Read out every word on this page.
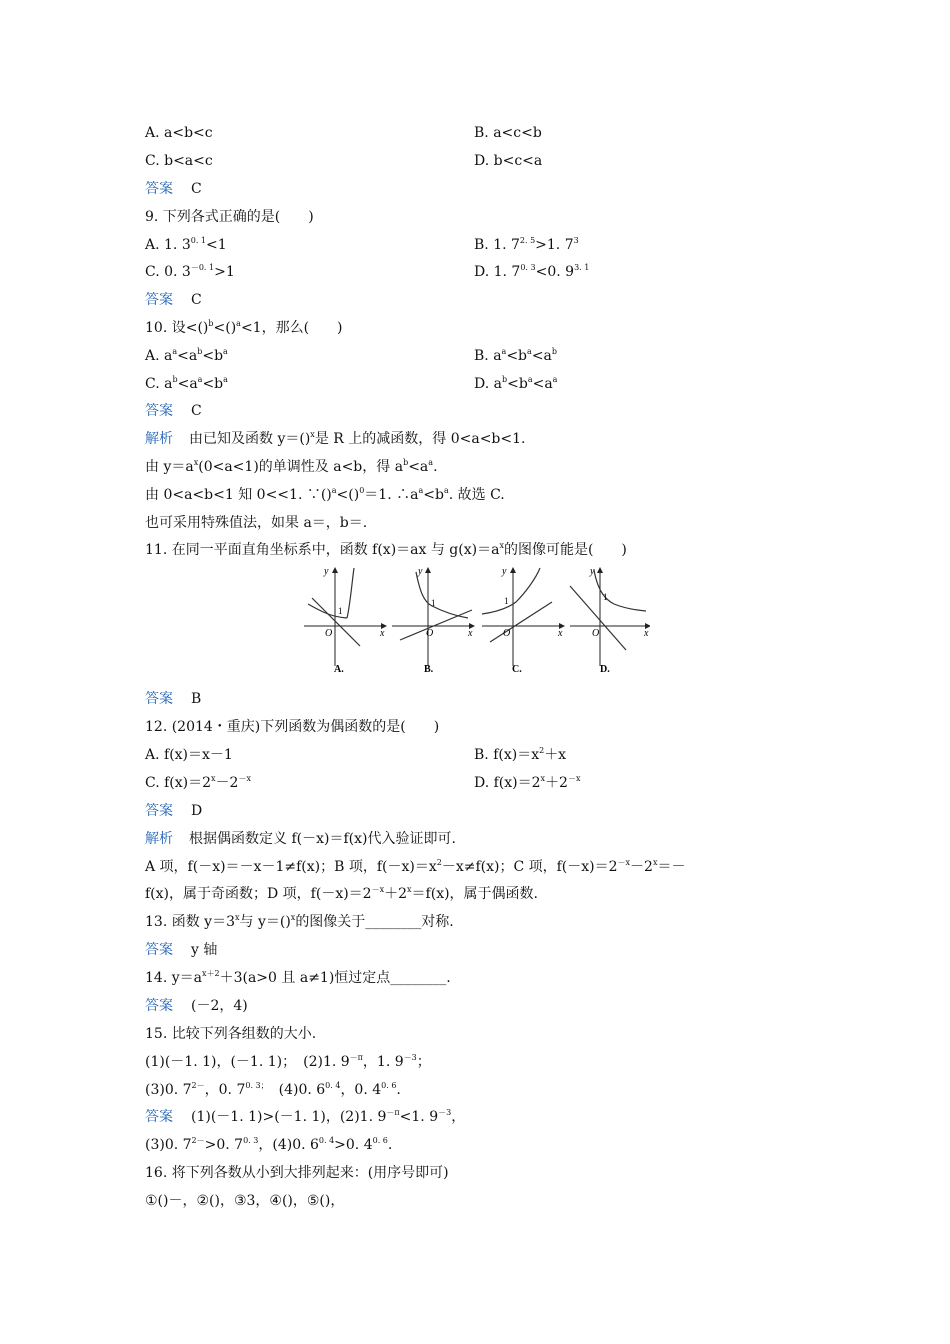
A. a<b<c	B. a<c<b
C. b<a<c	D. b<c<a
答案 C
9. 下列各式正确的是(　　)
A. 1. $3^{0. 1}<1$	B. 1. $7^{2. 5}>1$. $7^3$
C. 0. $3^{-0. 1}>1$	D. 1. $7^{0. 3}<0$. $9^{3. 1}$
答案 C
10. 设<()$^b$<()$^a$<1，那么(　　)
A. $a^a<a^b<b^a$	B. $a^a<b^a<a^b$
C. $a^b<a^a<b^a$	D. $a^b<b^a<a^a$
答案 C
解析 由已知及函数 y＝()$^x$是 R 上的减函数，得 0<a<b<1.
由 $y=a^x(0<a<1)$的单调性及 a<b，得 $a^b<a^a$.
由 0<a<b<1 知 0<<1. ∵()$^a$<()$^0$＝1. $\therefore a^a<b^a$. 故选 C.
也可采用特殊值法，如果 a＝，b＝.
11. 在同一平面直角坐标系中，函数 f(x)＝ax 与 $g(x)=a^x$的图像可能是(　　)
y
x
O
1
A.
y
x
O
1
B.
y
x
O
1
C.
y
x
O
1
D.
答案 B
12. (2014・重庆)下列函数为偶函数的是(　　)
A. f(x)＝x－1	B. $f(x)=x^2+x$
C. $f(x)=2^x-2^{-x}$	D. $f(x)=2^x+2^{-x}$
答案 D
解析 根据偶函数定义 f(－x)＝f(x)代入验证即可.
A 项，f(－x)＝－x－1≠f(x)；B 项，$f(-x)=x^2-x\ne f(x)$；C 项，$f(-x)=2^{-x}-2^x=-$
f(x)，属于奇函数；D 项，$f(-x)=2^{-x}+2^x=f(x)$，属于偶函数.
13. 函数 $y=3^x$与 y＝()$^x$的图像关于________对称.
答案 y 轴
14. $y=a^{x+2}+3(a>0$ 且 a≠1)恒过定点________.
答案 (－2，4)
15. 比较下列各组数的大小.
(1)(－1. 1)，(－1. 1)；　(2)1. $9^{-\pi}$，1. $9^{-3}$；
(3)0. $7^{2-}$，0. $7^{0. 3;}$　(4)0. $6^{0. 4}$，0. $4^{0. 6}$.
答案 (1)(－1. 1)>(－1. 1)，(2)1. $9^{-\pi}<1$. $9^{-3}$，
(3)0. $7^{2-}>0$. $7^{0. 3}$，(4)0. $6^{0. 4}>0$. $4^{0. 6}$.
16. 将下列各数从小到大排列起来：(用序号即可)
①()－，②()，③3，④()，⑤()，
